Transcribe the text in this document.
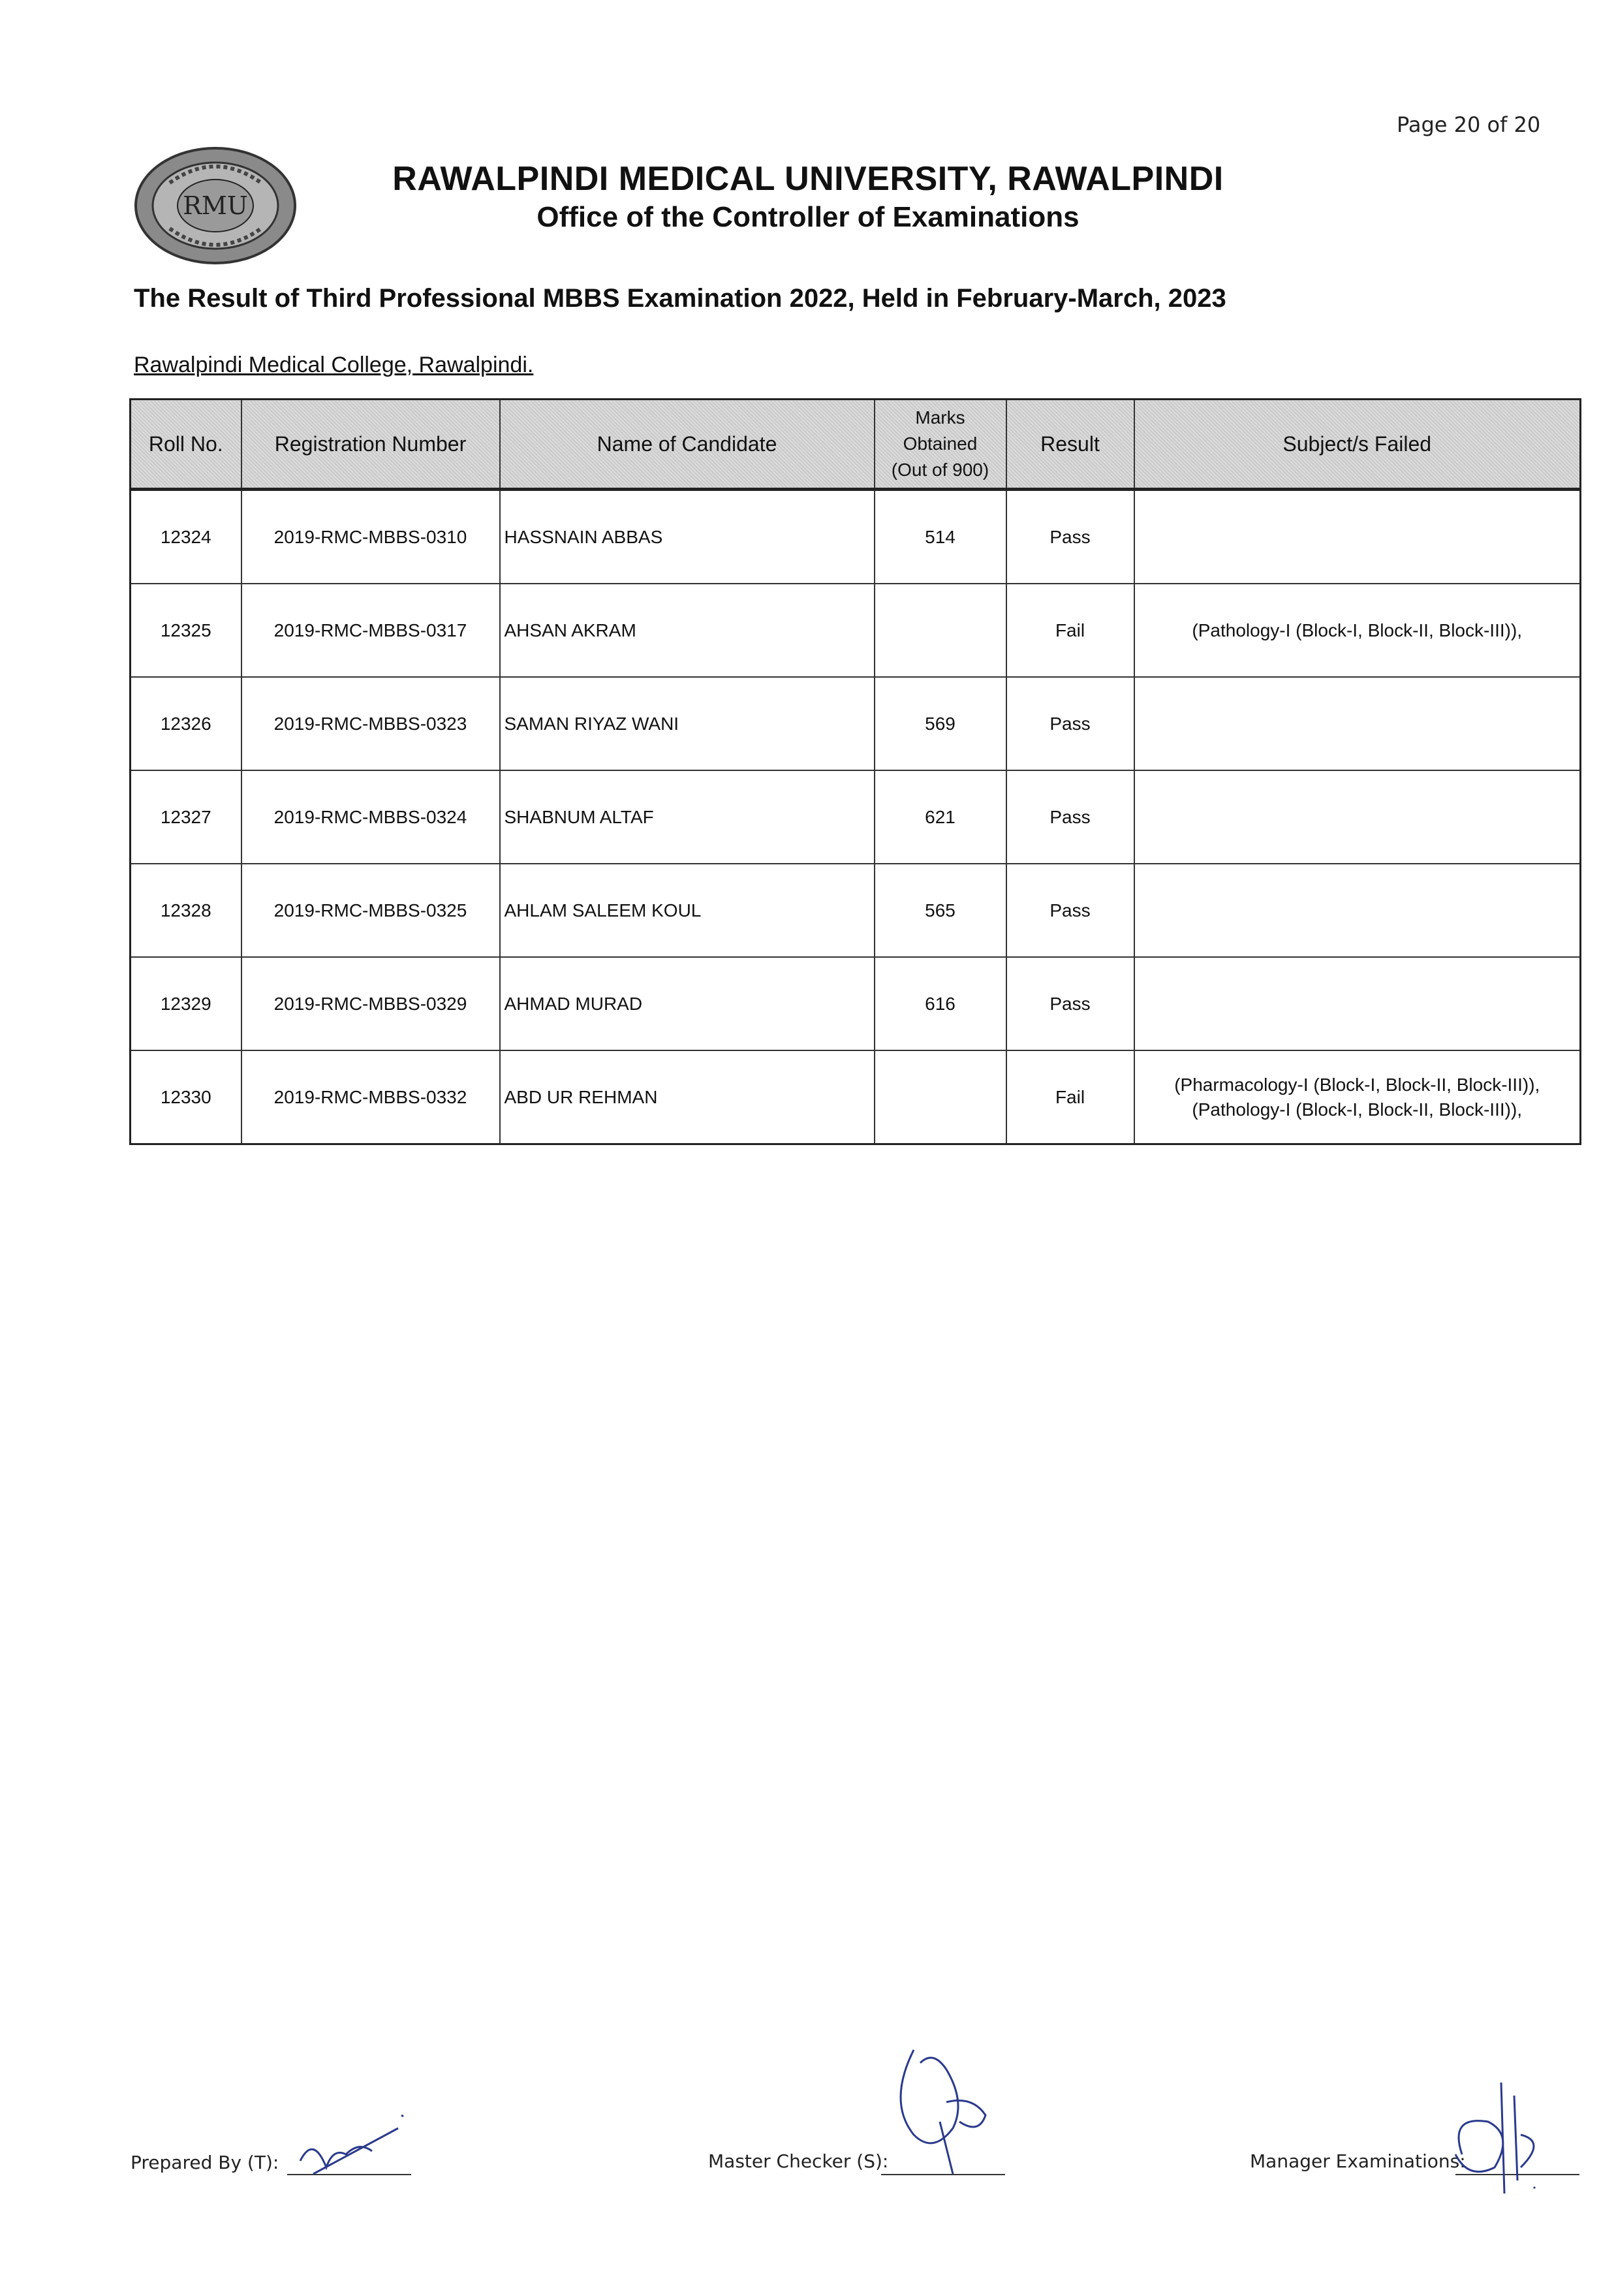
Page 20 of 20
RMU
RAWALPINDI MEDICAL UNIVERSITY, RAWALPINDI
Office of the Controller of Examinations
The Result of Third Professional MBBS Examination 2022, Held in February-March, 2023
Rawalpindi Medical College, Rawalpindi.
Roll No.	Registration Number	Name of Candidate	Marks
Obtained
(Out of 900)	Result	Subject/s Failed
12324	2019-RMC-MBBS-0310	HASSNAIN ABBAS	514	Pass	

12325	2019-RMC-MBBS-0317	AHSAN AKRAM		Fail	(Pathology-I (Block-I, Block-II, Block-III)),

12326	2019-RMC-MBBS-0323	SAMAN RIYAZ WANI	569	Pass	

12327	2019-RMC-MBBS-0324	SHABNUM ALTAF	621	Pass	

12328	2019-RMC-MBBS-0325	AHLAM SALEEM KOUL	565	Pass	

12329	2019-RMC-MBBS-0329	AHMAD MURAD	616	Pass	

12330	2019-RMC-MBBS-0332	ABD UR REHMAN		Fail	(Pharmacology-I (Block-I, Block-II, Block-III)),
(Pathology-I (Block-I, Block-II, Block-III)),
Prepared By (T):	Master Checker (S):	Manager Examinations:
